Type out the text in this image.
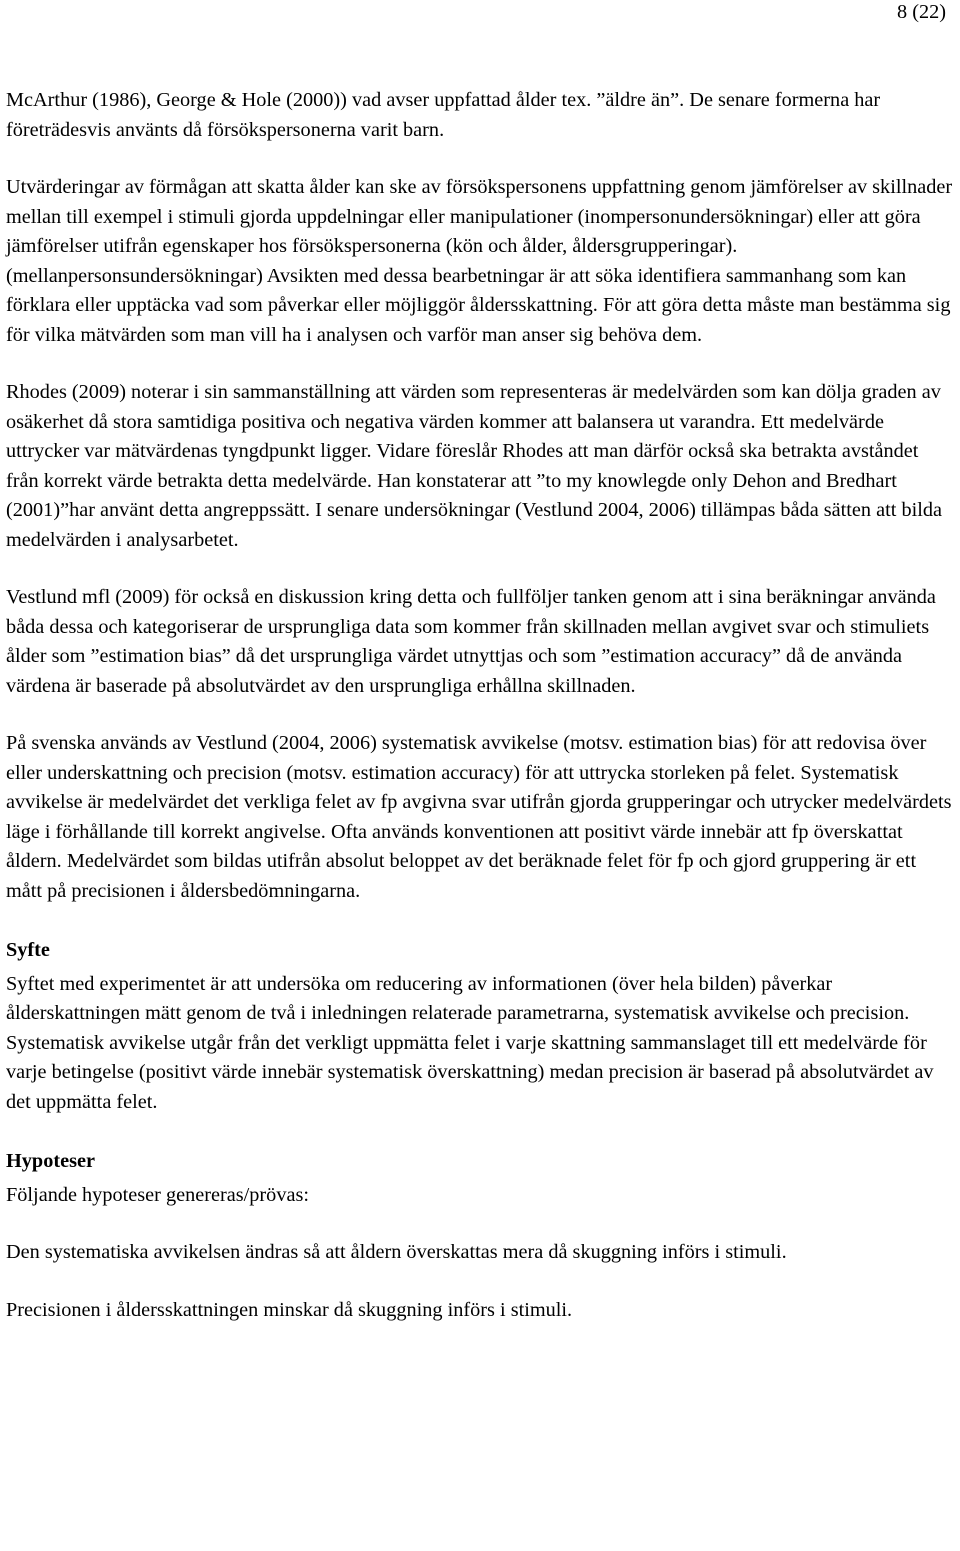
8 (22)

McArthur (1986), George & Hole (2000)) vad avser uppfattad ålder tex. ”äldre än”. De senare formerna har företrädesvis använts då försökspersonerna varit barn.

Utvärderingar av förmågan att skatta ålder kan ske av försökspersonens uppfattning genom jämförelser av skillnader mellan till exempel i stimuli gjorda uppdelningar eller manipulationer (inompersonundersökningar) eller att göra jämförelser utifrån egenskaper hos försökspersonerna (kön och ålder, åldersgrupperingar).(mellanpersonsundersökningar) Avsikten med dessa bearbetningar är att söka identifiera sammanhang som kan förklara eller upptäcka vad som påverkar eller möjliggör åldersskattning. För att göra detta måste man bestämma sig för vilka mätvärden som man vill ha i analysen och varför man anser sig behöva dem.

Rhodes (2009) noterar i sin sammanställning att värden som representeras är medelvärden som kan dölja graden av osäkerhet då stora samtidiga positiva och negativa värden kommer att balansera ut varandra. Ett medelvärde uttrycker var mätvärdenas tyngdpunkt ligger. Vidare föreslår Rhodes att man därför också ska betrakta avståndet från korrekt värde betrakta detta medelvärde. Han konstaterar att ”to my knowlegde only Dehon and Bredhart (2001)”har använt detta angreppssätt. I senare undersökningar (Vestlund 2004, 2006) tillämpas båda sätten att bilda medelvärden i analysarbetet.

Vestlund mfl (2009) för också en diskussion kring detta och fullföljer tanken genom att i sina beräkningar använda båda dessa och kategoriserar de ursprungliga data som kommer från skillnaden mellan avgivet svar och stimuliets ålder som ”estimation bias” då det ursprungliga värdet utnyttjas och som ”estimation accuracy” då de använda värdena är baserade på absolutvärdet av den ursprungliga erhållna skillnaden.

På svenska används av Vestlund (2004, 2006) systematisk avvikelse (motsv. estimation bias) för att redovisa över eller underskattning och precision (motsv. estimation accuracy) för att uttrycka storleken på felet. Systematisk avvikelse är medelvärdet det verkliga felet av fp avgivna svar utifrån gjorda grupperingar och utrycker medelvärdets läge i förhållande till korrekt angivelse. Ofta används konventionen att positivt värde innebär att fp överskattat åldern. Medelvärdet som bildas utifrån absolut beloppet av det beräknade felet för fp och gjord gruppering är ett mått på precisionen i åldersbedömningarna.

Syfte

Syftet med experimentet är att undersöka om reducering av informationen (över hela bilden) påverkar ålderskattningen mätt genom de två i inledningen relaterade parametrarna, systematisk avvikelse och precision. Systematisk avvikelse utgår från det verkligt uppmätta felet i varje skattning sammanslaget till ett medelvärde för varje betingelse (positivt värde innebär systematisk överskattning) medan precision är baserad på absolutvärdet av det uppmätta felet.

Hypoteser

Följande hypoteser genereras/prövas:

Den systematiska avvikelsen ändras så att åldern överskattas mera då skuggning införs i stimuli.

Precisionen i åldersskattningen minskar då skuggning införs i stimuli.
